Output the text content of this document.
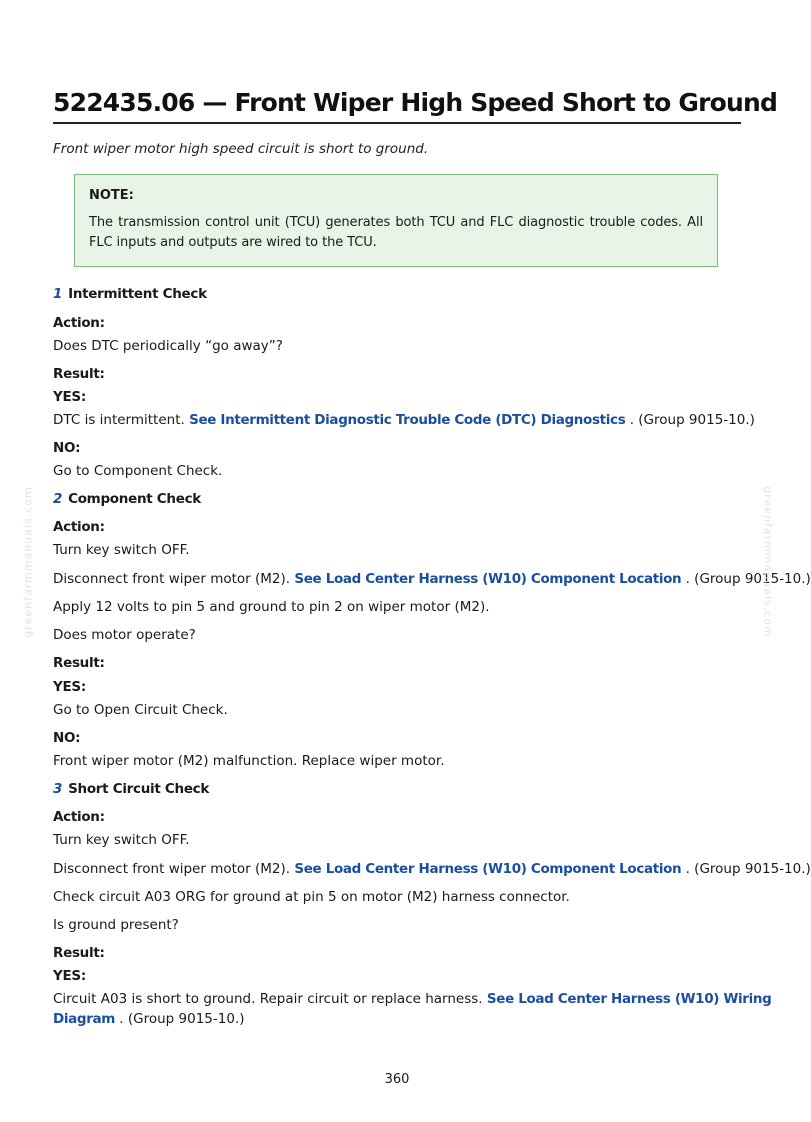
522435.06 — Front Wiper High Speed Short to Ground
Front wiper motor high speed circuit is short to ground.
NOTE:
The transmission control unit (TCU) generates both TCU and FLC diagnostic trouble codes. All FLC inputs and outputs are wired to the TCU.
1 Intermittent Check
Action:
Does DTC periodically “go away”?
Result:
YES:
DTC is intermittent. See Intermittent Diagnostic Trouble Code (DTC) Diagnostics . (Group 9015-10.)
NO:
Go to Component Check.
2 Component Check
Action:
Turn key switch OFF.
Disconnect front wiper motor (M2). See Load Center Harness (W10) Component Location . (Group 9015-10.)
Apply 12 volts to pin 5 and ground to pin 2 on wiper motor (M2).
Does motor operate?
Result:
YES:
Go to Open Circuit Check.
NO:
Front wiper motor (M2) malfunction. Replace wiper motor.
3 Short Circuit Check
Action:
Turn key switch OFF.
Disconnect front wiper motor (M2). See Load Center Harness (W10) Component Location . (Group 9015-10.)
Check circuit A03 ORG for ground at pin 5 on motor (M2) harness connector.
Is ground present?
Result:
YES:
Circuit A03 is short to ground. Repair circuit or replace harness. See Load Center Harness (W10) Wiring
Diagram . (Group 9015-10.)
greenfarmmanuals.com	greenfarmmanuals.com
360
